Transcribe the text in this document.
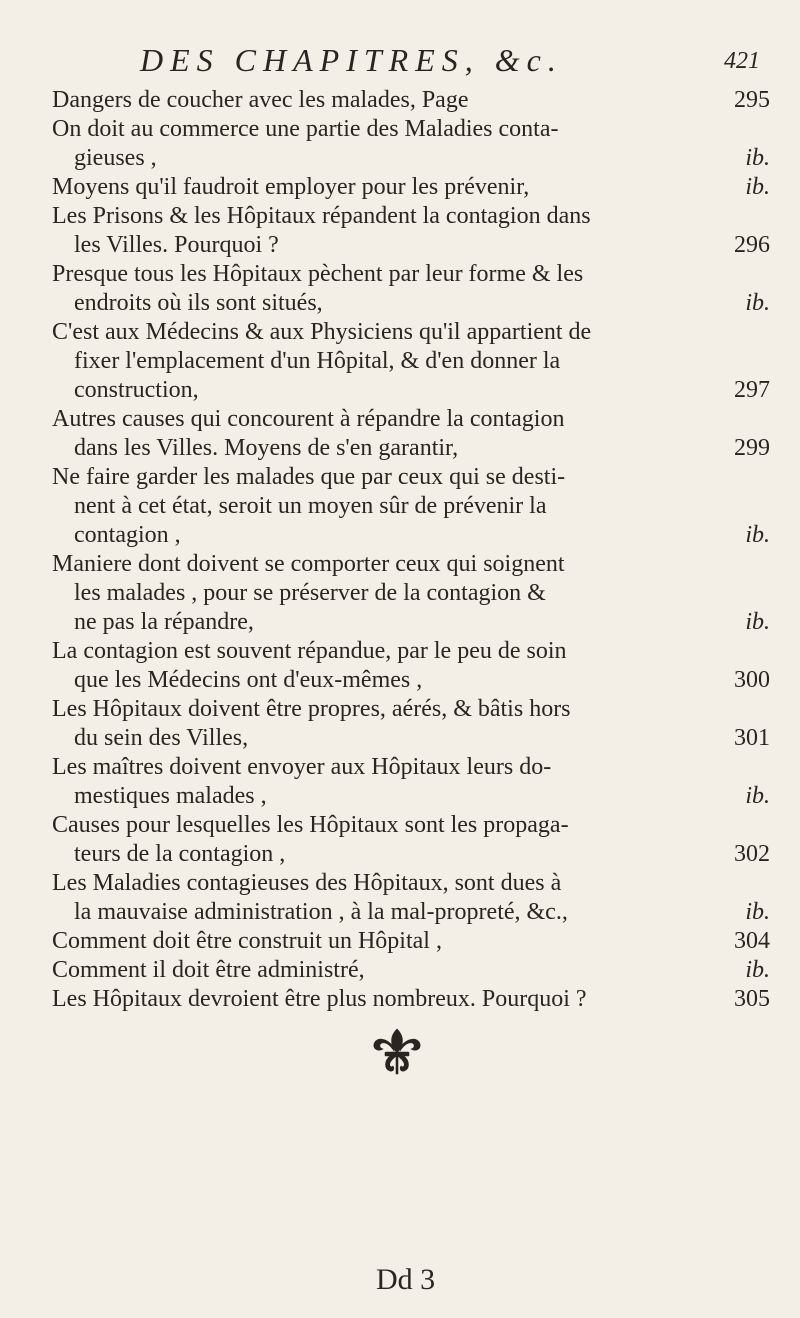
DES CHAPITRES, &c.	421
Dangers de coucher avec les malades, Page	295
On doit au commerce une partie des Maladies conta-
gieuses ,	ib.
Moyens qu'il faudroit employer pour les prévenir,	ib.
Les Prisons & les Hôpitaux répandent la contagion dans
les Villes. Pourquoi ?	296
Presque tous les Hôpitaux pèchent par leur forme & les
endroits où ils sont situés,	ib.
C'est aux Médecins & aux Physiciens qu'il appartient de
fixer l'emplacement d'un Hôpital, & d'en donner la
construction,	297
Autres causes qui concourent à répandre la contagion
dans les Villes. Moyens de s'en garantir,	299
Ne faire garder les malades que par ceux qui se desti-
nent à cet état, seroit un moyen sûr de prévenir la
contagion ,	ib.
Maniere dont doivent se comporter ceux qui soignent
les malades , pour se préserver de la contagion &
ne pas la répandre,	ib.
La contagion est souvent répandue, par le peu de soin
que les Médecins ont d'eux-mêmes ,	300
Les Hôpitaux doivent être propres, aérés, & bâtis hors
du sein des Villes,	301
Les maîtres doivent envoyer aux Hôpitaux leurs do-
mestiques malades ,	ib.
Causes pour lesquelles les Hôpitaux sont les propaga-
teurs de la contagion ,	302
Les Maladies contagieuses des Hôpitaux, sont dues à
la mauvaise administration , à la mal-propreté, &c.,	ib.
Comment doit être construit un Hôpital ,	304
Comment il doit être administré,	ib.
Les Hôpitaux devroient être plus nombreux. Pourquoi ?	305
Dd 3
